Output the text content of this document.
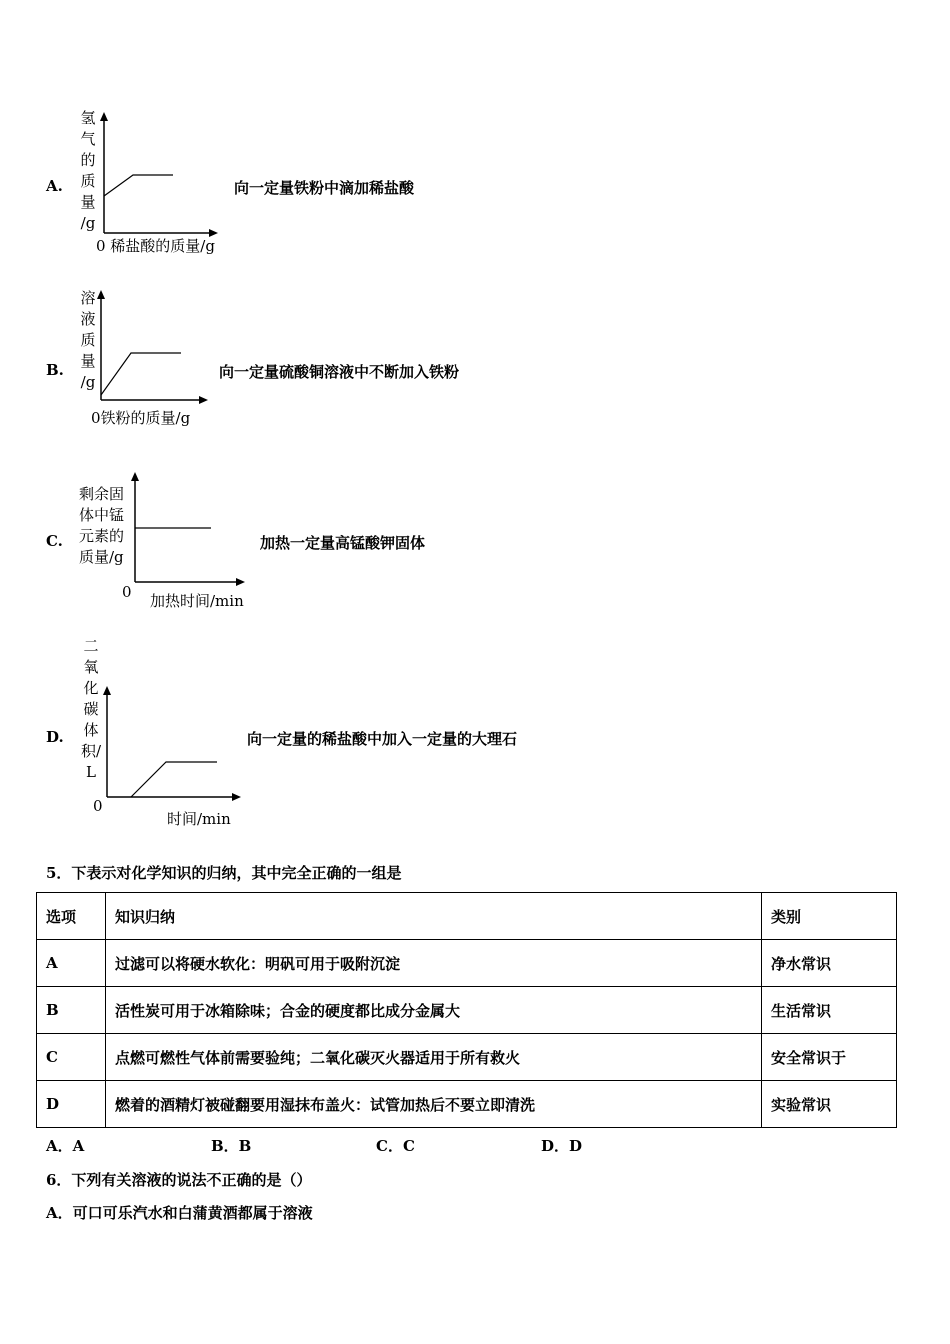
A.
氢
气
的
质
量
/g
0 稀盐酸的质量/g
向一定量铁粉中滴加稀盐酸
B.
溶
液
质
量
/g
0铁粉的质量/g
向一定量硫酸铜溶液中不断加入铁粉
C.
剩余固
体中锰
元素的
质量/g
0 加热时间/min
加热一定量高锰酸钾固体
D.
二
氧
化
碳
体
积/
L
0
时间/min
向一定量的稀盐酸中加入一定量的大理石
5．下表示对化学知识的归纳，其中完全正确的一组是
选项	知识归纳	类别
A	过滤可以将硬水软化：明矾可用于吸附沉淀	净水常识
B	活性炭可用于冰箱除味；合金的硬度都比成分金属大	生活常识
C	点燃可燃性气体前需要验纯；二氧化碳灭火器适用于所有救火	安全常识于
D	燃着的酒精灯被碰翻要用湿抹布盖火：试管加热后不要立即清洗	实验常识
A．A	B．B	C．C	D．D
6．下列有关溶液的说法不正确的是（）
A．可口可乐汽水和白蒲黄酒都属于溶液
